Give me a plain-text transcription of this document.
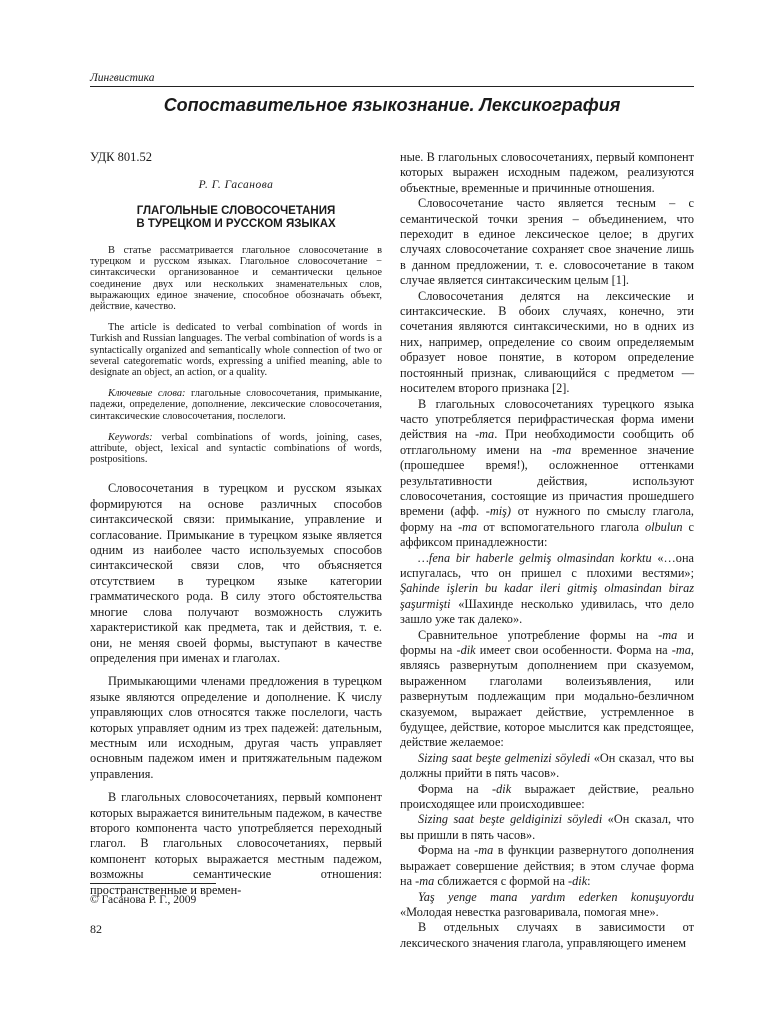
Лингвистика
Сопоставительное языкознание. Лексикография

УДК 801.52

Р. Г. Гасанова

ГЛАГОЛЬНЫЕ СЛОВОСОЧЕТАНИЯ
В ТУРЕЦКОМ И РУССКОМ ЯЗЫКАХ

В статье рассматривается глагольное словосочетание в турецком и русском языках. Глагольное словосочетание − синтаксически организованное и семантически цельное соединение двух или нескольких знаменательных слов, выражающих единое значение, способное обозначать объект, действие, качество.

The article is dedicated to verbal combination of words in Turkish and Russian languages. The verbal combination of words is a syntactically organized and semantically whole connection of two or several categorematic words, expressing a unified meaning, able to designate an object, an action, or a quality.

Ключевые слова: глагольные словосочетания, примыкание, падежи, определение, дополнение, лексические словосочетания, синтаксические словосочетания, послелоги.

Keywords: verbal combinations of words, joining, cases, attribute, object, lexical and syntactic combinations of words, postpositions.

Словосочетания в турецком и русском языках формируются на основе различных способов синтаксической связи: примыкание, управление и согласование. Примыкание в турецком языке является одним из наиболее часто используемых способов синтаксической связи слов, что объясняется отсутствием в турецком языке категории грамматического рода. В силу этого обстоятельства многие слова получают возможность служить характеристикой как предмета, так и действия, т. е. они, не меняя своей формы, выступают в качестве определения при именах и глаголах.

Примыкающими членами предложения в турецком языке являются определение и дополнение. К числу управляющих слов относятся также послелоги, часть которых управляет одним из трех падежей: дательным, местным или исходным, другая часть управляет основным падежом имен и притяжательным падежом управления.

В глагольных словосочетаниях, первый компонент которых выражается винительным падежом, в качестве второго компонента часто употребляется переходный глагол. В глагольных словосочетаниях, первый компонент которых выражается местным падежом, возможны семантические отношения: пространственные и времен-

ные. В глагольных словосочетаниях, первый компонент которых выражен исходным падежом, реализуются объектные, временные и причинные отношения.

Словосочетание часто является тесным – с семантической точки зрения – объединением, что переходит в единое лексическое целое; в других случаях словосочетание сохраняет свое значение лишь в данном предложении, т. е. словосочетание в таком случае является синтаксическим целым [1].

Словосочетания делятся на лексические и синтаксические. В обоих случаях, конечно, эти сочетания являются синтаксическими, но в одних из них, например, определение со своим определяемым образует новое понятие, в котором определение постоянный признак, сливающийся с предметом — носителем второго признака [2].

В глагольных словосочетаниях турецкого языка часто употребляется перифрастическая форма имени действия на -ma. При необходимости сообщить об отглагольному имени на -ma временное значение (прошедшее время!), осложненное оттенками результативности действия, используют словосочетания, состоящие из причастия прошедшего времени (афф. -miş) от нужного по смыслу глагола, форму на -ma от вспомогательного глагола olbulun с аффиксом принадлежности:

…fena bir haberle gelmiş olmasindan korktu «…она испугалась, что он пришел с плохими вестями»; Şahinde işlerin bu kadar ileri gitmiş olmasindan biraz şaşurmişti «Шахинде несколько удивилась, что дело зашло уже так далеко».

Сравнительное употребление формы на -ma и формы на -dik имеет свои особенности. Форма на -ma, являясь развернутым дополнением при сказуемом, выраженном глаголами волеизъявления, или развернутым подлежащим при модально-безличном сказуемом, выражает действие, устремленное в будущее, действие, которое мыслится как предстоящее, действие желаемое:

Sizing saat beşte gelmenizi söyledi «Он сказал, что вы должны прийти в пять часов».

Форма на -dik выражает действие, реально происходящее или происходившее:

Sizing saat beşte geldiginizi söyledi «Он сказал, что вы пришли в пять часов».

Форма на -ma в функции развернутого дополнения выражает совершение действия; в этом случае форма на -ma сближается с формой на -dik:

Yaş yenge mana yardım ederken konuşuyordu «Молодая невестка разговаривала, помогая мне».

В отдельных случаях в зависимости от лексического значения глагола, управляющего именем

© Гасанова Р. Г., 2009
82
